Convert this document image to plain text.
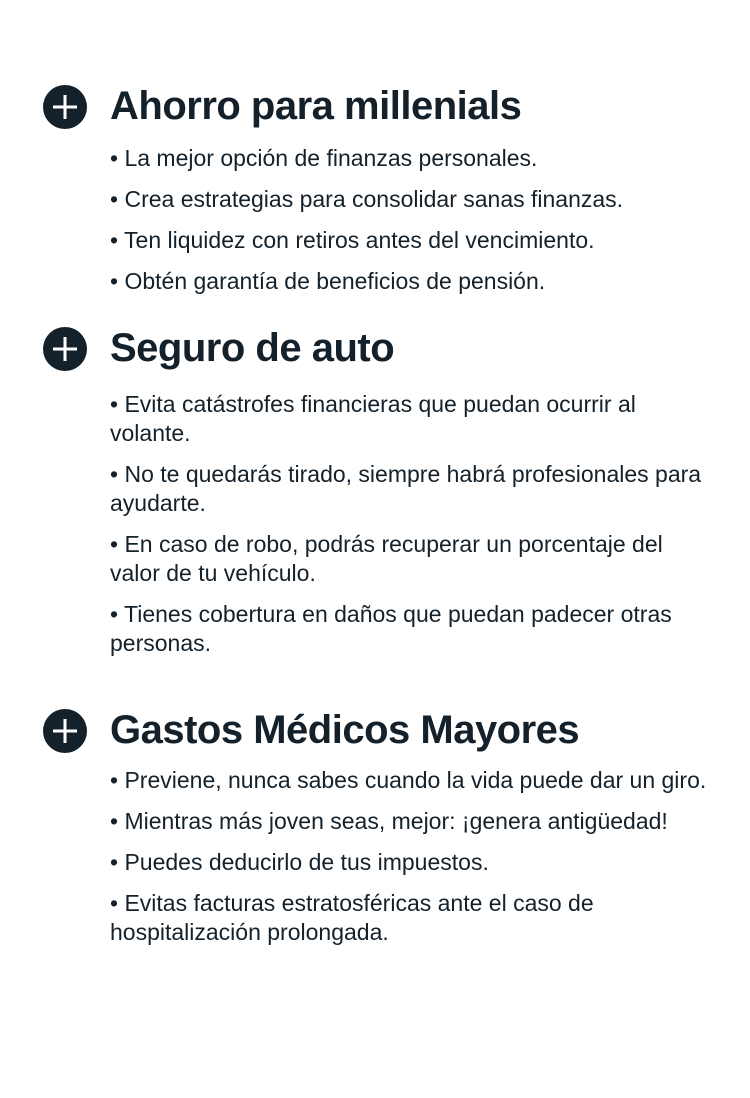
Ahorro para millenials
• La mejor opción de finanzas personales.
• Crea estrategias para consolidar sanas finanzas.
• Ten liquidez con retiros antes del vencimiento.
• Obtén garantía de beneficios de pensión.
Seguro de auto
• Evita catástrofes financieras que puedan ocurrir al volante.
• No te quedarás tirado, siempre habrá profesionales para ayudarte.
• En caso de robo, podrás recuperar un porcentaje del valor de tu vehículo.
• Tienes cobertura en daños que puedan padecer otras personas.
Gastos Médicos Mayores
• Previene, nunca sabes cuando la vida puede dar un giro.
• Mientras más joven seas, mejor: ¡genera antigüedad!
• Puedes deducirlo de tus impuestos.
• Evitas facturas estratosféricas ante el caso de hospitalización prolongada.
